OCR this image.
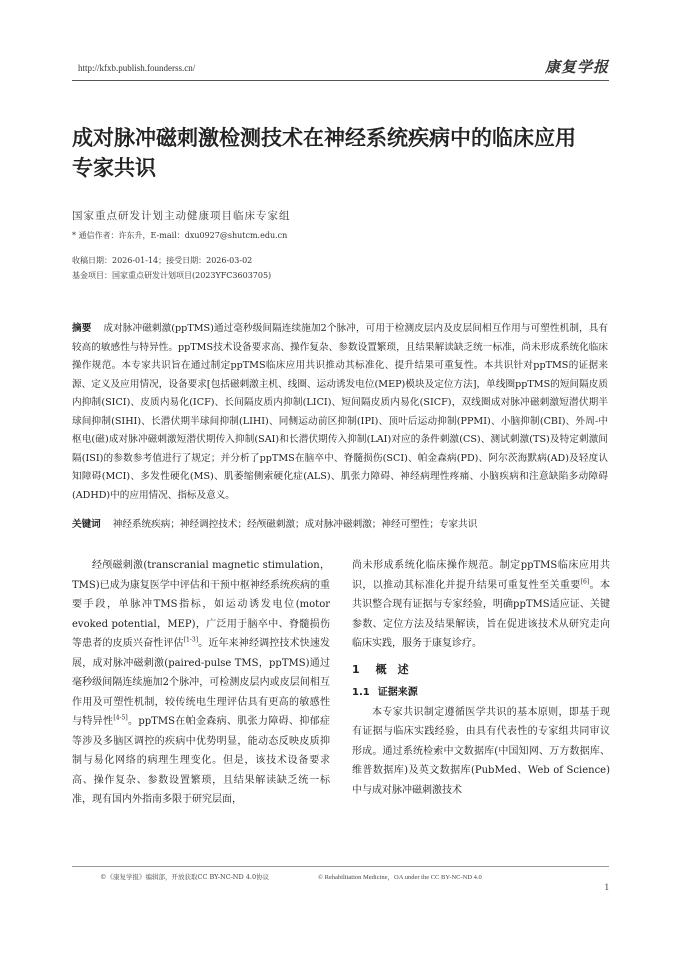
http://kfxb.publish.founderss.cn/	康复学报
成对脉冲磁刺激检测技术在神经系统疾病中的临床应用专家共识
国家重点研发计划主动健康项目临床专家组
* 通信作者：许东升，E-mail：dxu0927@shutcm.edu.cn
收稿日期：2026-01-14；接受日期：2026-03-02
基金项目：国家重点研发计划项目(2023YFC3603705)

摘要 成对脉冲磁刺激(ppTMS)通过毫秒级间隔连续施加2个脉冲，可用于检测皮层内及皮层间相互作用与可塑性机制，具有较高的敏感性与特异性。ppTMS技术设备要求高、操作复杂、参数设置繁琐，且结果解读缺乏统一标准，尚未形成系统化临床操作规范。本专家共识旨在通过制定ppTMS临床应用共识推动其标准化、提升结果可重复性。本共识针对ppTMS的证据来源、定义及应用情况，设备要求[包括磁刺激主机、线圈、运动诱发电位(MEP)模块及定位方法]，单线圈ppTMS的短间隔皮质内抑制(SICI)、皮质内易化(ICF)、长间隔皮质内抑制(LICI)、短间隔皮质内易化(SICF)，双线圈成对脉冲磁刺激短潜伏期半球间抑制(SIHI)、长潜伏期半球间抑制(LIHI)、同侧运动前区抑制(IPI)、顶叶后运动抑制(PPMI)、小脑抑制(CBI)、外周-中枢电(磁)成对脉冲磁刺激短潜伏期传入抑制(SAI)和长潜伏期传入抑制(LAI)对应的条件刺激(CS)、测试刺激(TS)及特定刺激间隔(ISI)的参数参考值进行了规定；并分析了ppTMS在脑卒中、脊髓损伤(SCI)、帕金森病(PD)、阿尔茨海默病(AD)及轻度认知障碍(MCI)、多发性硬化(MS)、肌萎缩侧索硬化症(ALS)、肌张力障碍、神经病理性疼痛、小脑疾病和注意缺陷多动障碍(ADHD)中的应用情况、指标及意义。

关键词 神经系统疾病；神经调控技术；经颅磁刺激；成对脉冲磁刺激；神经可塑性；专家共识

经颅磁刺激(transcranial magnetic stimulation，TMS)已成为康复医学中评估和干预中枢神经系统疾病的重要手段，单脉冲TMS指标，如运动诱发电位(motor evoked potential，MEP)，广泛用于脑卒中、脊髓损伤等患者的皮质兴奋性评估[1-3]。近年来神经调控技术快速发展，成对脉冲磁刺激(paired-pulse TMS，ppTMS)通过毫秒级间隔连续施加2个脉冲，可检测皮层内或皮层间相互作用及可塑性机制，较传统电生理评估具有更高的敏感性与特异性[4-5]。ppTMS在帕金森病、肌张力障碍、抑郁症等涉及多脑区调控的疾病中优势明显，能动态反映皮质抑制与易化网络的病理生理变化。但是，该技术设备要求高、操作复杂、参数设置繁琐，且结果解读缺乏统一标准，现有国内外指南多限于研究层面，

尚未形成系统化临床操作规范。制定ppTMS临床应用共识，以推动其标准化并提升结果可重复性至关重要[6]。本共识整合现有证据与专家经验，明确ppTMS适应证、关键参数、定位方法及结果解读，旨在促进该技术从研究走向临床实践，服务于康复诊疗。

1 概　述
1.1 证据来源

本专家共识制定遵循医学共识的基本原则，即基于现有证据与临床实践经验，由具有代表性的专家组共同审议形成。通过系统检索中文数据库(中国知网、万方数据库、维普数据库)及英文数据库(PubMed、Web of Science)中与成对脉冲磁刺激技术

©《康复学报》编辑部，开放获取CC BY-NC-ND 4.0协议	© Rehabilitation Medicine，OA under the CC BY-NC-ND 4.0
1
